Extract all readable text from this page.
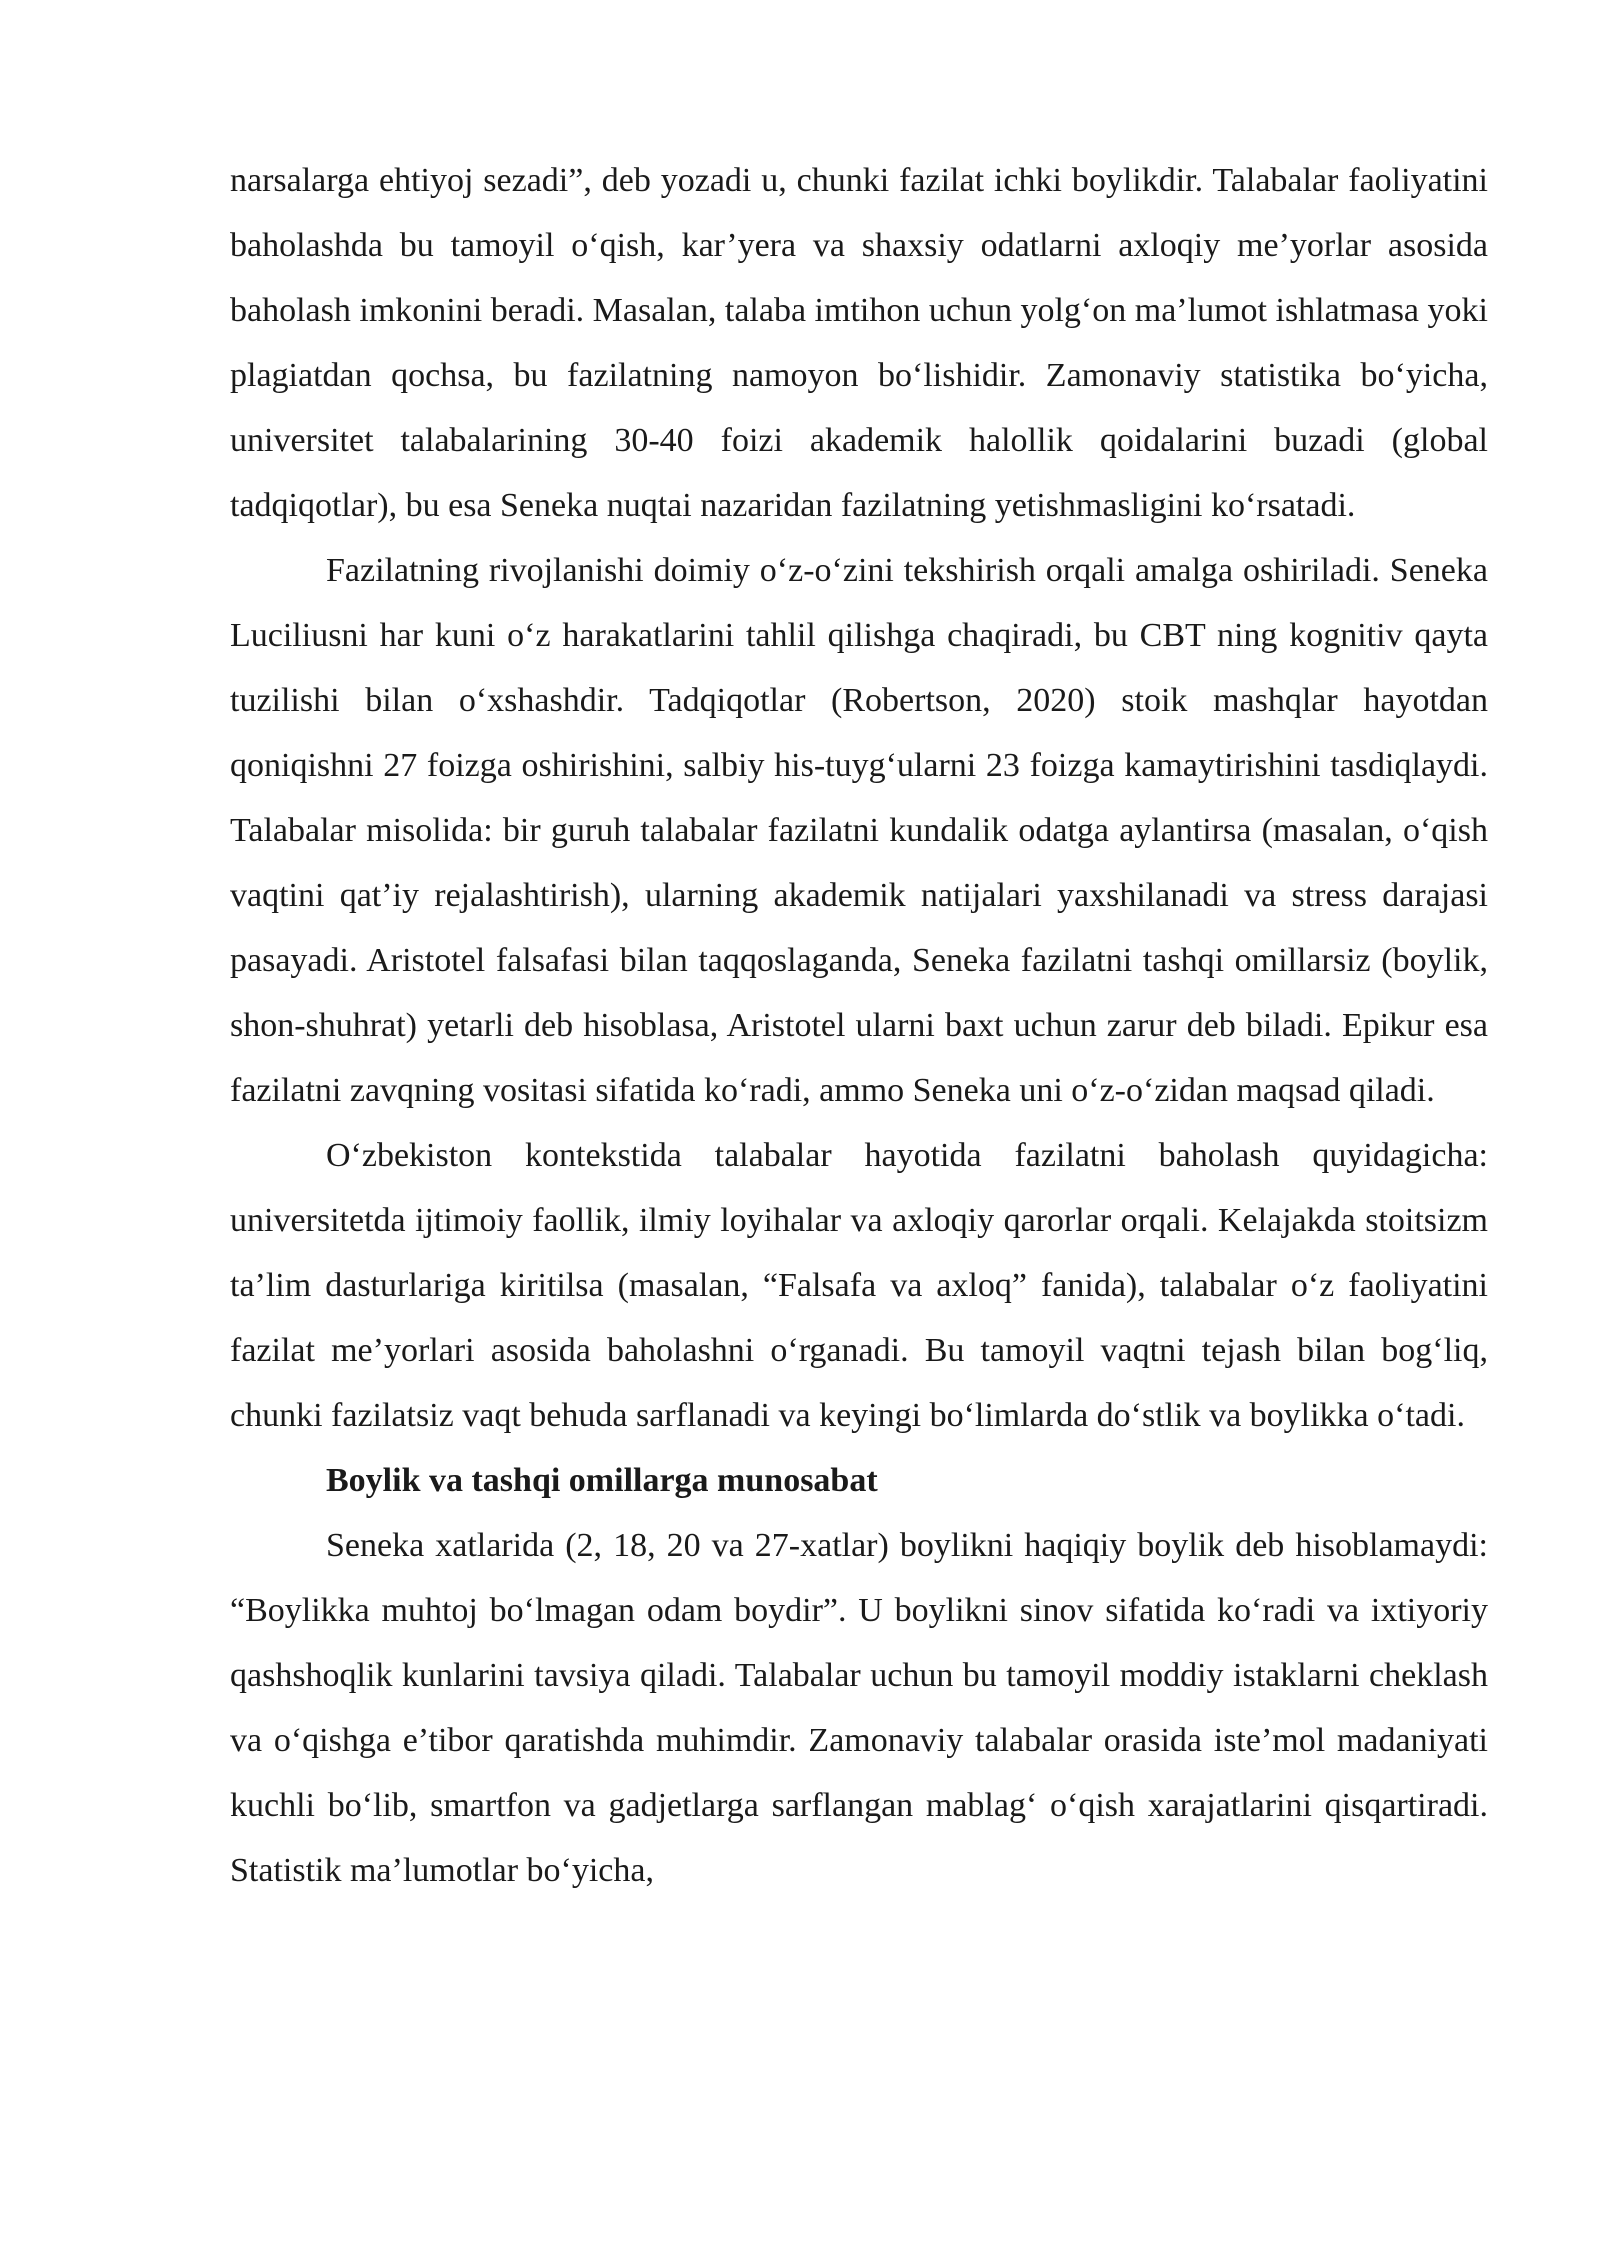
narsalarga ehtiyoj sezadi”, deb yozadi u, chunki fazilat ichki boylikdir. Talabalar faoliyatini baholashda bu tamoyil o‘qish, kar’yera va shaxsiy odatlarni axloqiy me’yorlar asosida baholash imkonini beradi. Masalan, talaba imtihon uchun yolg‘on ma’lumot ishlatmasa yoki plagiatdan qochsa, bu fazilatning namoyon bo‘lishidir. Zamonaviy statistika bo‘yicha, universitet talabalarining 30-40 foizi akademik halollik qoidalarini buzadi (global tadqiqotlar), bu esa Seneka nuqtai nazaridan fazilatning yetishmasligini ko‘rsatadi.

Fazilatning rivojlanishi doimiy o‘z-o‘zini tekshirish orqali amalga oshiriladi. Seneka Luciliusni har kuni o‘z harakatlarini tahlil qilishga chaqiradi, bu CBT ning kognitiv qayta tuzilishi bilan o‘xshashdir. Tadqiqotlar (Robertson, 2020) stoik mashqlar hayotdan qoniqishni 27 foizga oshirishini, salbiy his-tuyg‘ularni 23 foizga kamaytirishini tasdiqlaydi. Talabalar misolida: bir guruh talabalar fazilatni kundalik odatga aylantirsa (masalan, o‘qish vaqtini qat’iy rejalashtirish), ularning akademik natijalari yaxshilanadi va stress darajasi pasayadi. Aristotel falsafasi bilan taqqoslaganda, Seneka fazilatni tashqi omillarsiz (boylik, shon-shuhrat) yetarli deb hisoblasa, Aristotel ularni baxt uchun zarur deb biladi. Epikur esa fazilatni zavqning vositasi sifatida ko‘radi, ammo Seneka uni o‘z-o‘zidan maqsad qiladi.

O‘zbekiston kontekstida talabalar hayotida fazilatni baholash quyidagicha: universitetda ijtimoiy faollik, ilmiy loyihalar va axloqiy qarorlar orqali. Kelajakda stoitsizm ta’lim dasturlariga kiritilsa (masalan, “Falsafa va axloq” fanida), talabalar o‘z faoliyatini fazilat me’yorlari asosida baholashni o‘rganadi. Bu tamoyil vaqtni tejash bilan bog‘liq, chunki fazilatsiz vaqt behuda sarflanadi va keyingi bo‘limlarda do‘stlik va boylikka o‘tadi.

Boylik va tashqi omillarga munosabat

Seneka xatlarida (2, 18, 20 va 27-xatlar) boylikni haqiqiy boylik deb hisoblamaydi: “Boylikka muhtoj bo‘lmagan odam boydir”. U boylikni sinov sifatida ko‘radi va ixtiyoriy qashshoqlik kunlarini tavsiya qiladi. Talabalar uchun bu tamoyil moddiy istaklarni cheklash va o‘qishga e’tibor qaratishda muhimdir. Zamonaviy talabalar orasida iste’mol madaniyati kuchli bo‘lib, smartfon va gadjetlarga sarflangan mablag‘ o‘qish xarajatlarini qisqartiradi. Statistik ma’lumotlar bo‘yicha,
